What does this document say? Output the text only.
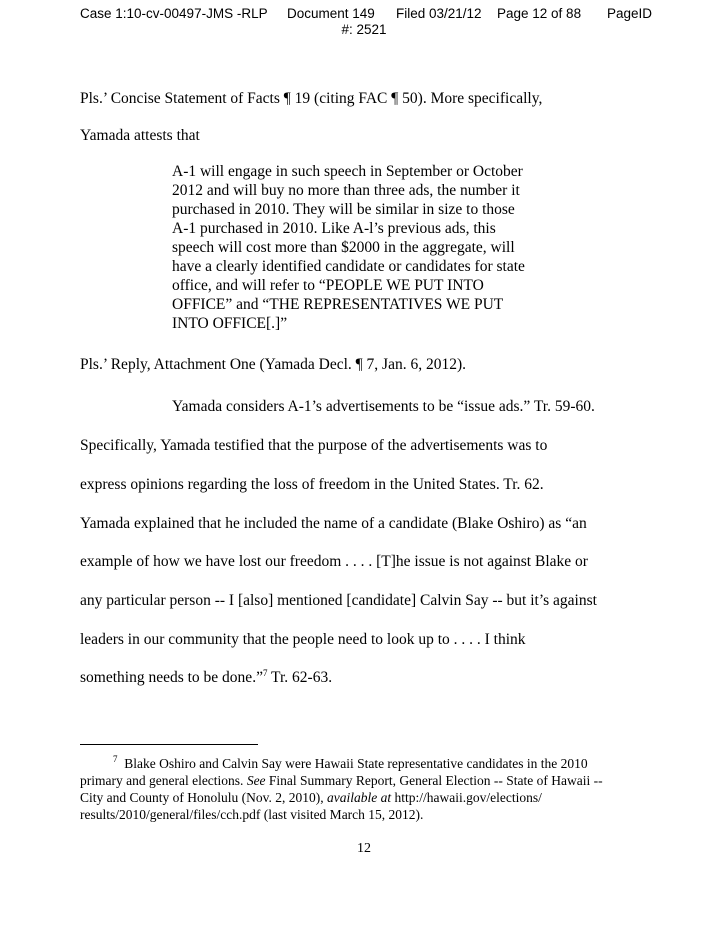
Case 1:10-cv-00497-JMS -RLP

Document 149

Filed 03/21/12

Page 12 of 88

PageID

#: 2521
Pls.’ Concise Statement of Facts ¶ 19 (citing FAC ¶ 50). More specifically,
Yamada attests that
A-1 will engage in such speech in September or October
2012 and will buy no more than three ads, the number it
purchased in 2010. They will be similar in size to those
A-1 purchased in 2010. Like A-l’s previous ads, this
speech will cost more than $2000 in the aggregate, will
have a clearly identified candidate or candidates for state
office, and will refer to “PEOPLE WE PUT INTO
OFFICE” and “THE REPRESENTATIVES WE PUT
INTO OFFICE[.]”
Pls.’ Reply, Attachment One (Yamada Decl. ¶ 7, Jan. 6, 2012).
Yamada considers A-1’s advertisements to be “issue ads.” Tr. 59-60.
Specifically, Yamada testified that the purpose of the advertisements was to
express opinions regarding the loss of freedom in the United States. Tr. 62.
Yamada explained that he included the name of a candidate (Blake Oshiro) as “an
example of how we have lost our freedom . . . . [T]he issue is not against Blake or
any particular person -- I [also] mentioned [candidate] Calvin Say -- but it’s against
leaders in our community that the people need to look up to . . . . I think
something needs to be done.”$^7$ Tr. 62-63.
$^7$ Blake Oshiro and Calvin Say were Hawaii State representative candidates in the 2010
primary and general elections. See Final Summary Report, General Election -- State of Hawaii --
City and County of Honolulu (Nov. 2, 2010), available at http://hawaii.gov/elections/
results/2010/general/files/cch.pdf (last visited March 15, 2012).
12
